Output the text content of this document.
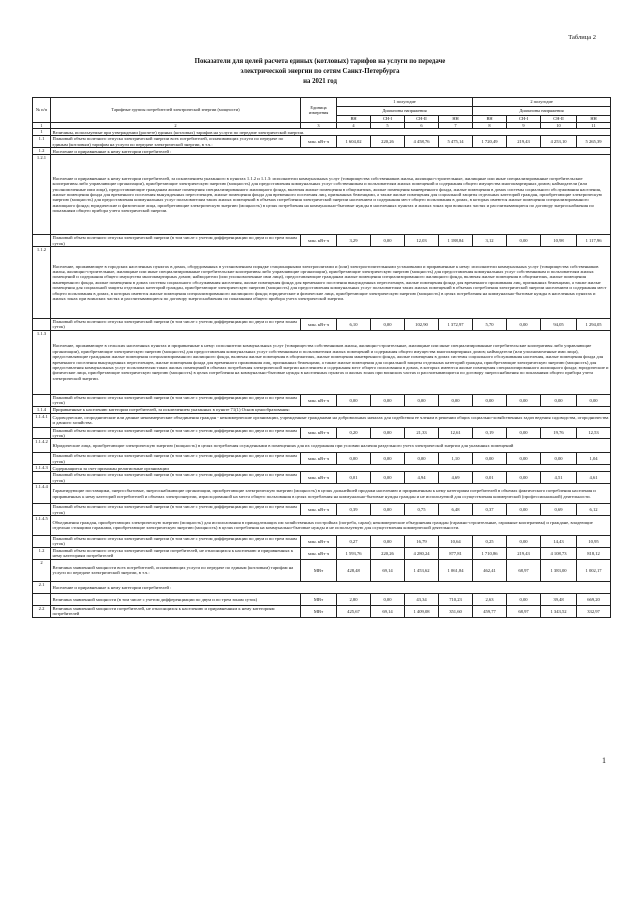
Таблица 2
Показатели для целей расчета единых (котловых) тарифов на услуги по передаче
электрической энергии по сетям Санкт-Петербурга
на 2021 год
№ п/п	Тарифные группы потребителей электрической энергии (мощности)	Единица измерения	1 полугодие				2 полугодие			
			Диапазоны напряжения				Диапазоны напряжения			
			ВН	СН-I	СН-II	НН	ВН	СН-I	СН-II	НН
1	2	3	4	5	6	7	8	9	10	11
1	Величины, используемые при утверждении (расчете) единых (котловых) тарифов на услуги по передаче электрической энергии.									
1.1	Плановый объем полезного отпуска электрической энергии всех потребителей, оплачивающих услуги по передаче по единым (котловым) тарифам на услуги по передаче электрической энергии, в т.ч.:	млн. кВт·ч	1 604,02	220,26	4 458,76	5 475,14	1 720,49	219,43	4 253,10	5 265,39
1.2	Население и приравненные к нему категории потребителей :									
1.2.1	Население и приравненные к нему категории потребителей, за исключением указанного в пунктах 1.1.2 и 1.1.3: исполнители коммунальных услуг (товарищества собственников жилья, жилищно-строительные, жилищные или иные специализированные потребительские кооперативы либо управляющие организации), приобретающие электрическую энергию (мощность) для предоставления коммунальных услуг собственникам и пользователям жилых помещений и содержания общего имущества многоквартирных домов; наймодатели (или уполномоченные ими лица), предоставляющие гражданам жилые помещения специализированного жилищного фонда, включая жилые помещения в общежитиях, жилые помещения маневренного фонда, жилые помещения в домах системы социального обслуживания населения, жилые помещения фонда для временного поселения вынужденных переселенцев, жилые помещения фонда для временного поселения лиц, признанных беженцами, а также жилые помещения для социальной защиты отдельных категорий граждан, приобретающие электрическую энергию (мощность) для предоставления коммунальных услуг пользователям таких жилых помещений в объемах потребления электрической энергии населением и содержания мест общего пользования в домах, в которых имеются жилые помещения специализированного жилищного фонда; юридические и физические лица, приобретающие электрическую энергию (мощность) в целях потребления на коммунально-бытовые нужды в населенных пунктах и жилых зонах при воинских частях и рассчитывающиеся по договору энергоснабжения по показаниям общего прибора учета электрической энергии.									
	Плановый объем полезного отпуска электрической энергии (в том числе с учетом дифференциации по двум и по трем зонам суток)	млн. кВт·ч	3,29	0,00	12,03	1 188,84	3,12	0,00	10,98	1 117,96
1.1.2	Население, проживающее в городских населенных пунктах в домах, оборудованных в установленном порядке стационарными электроплитами и (или) электроотопительными установками и приравненные к нему: исполнители коммунальных услуг (товарищества собственников жилья, жилищно-строительные, жилищные или иные специализированные потребительские кооперативы либо управляющие организации), приобретающие электрическую энергию (мощность) для предоставления коммунальных услуг собственникам и пользователям жилых помещений и содержания общего имущества многоквартирных домов; наймодатели (или уполномоченные ими лица), предоставляющие гражданам жилые помещения специализированного жилищного фонда, включая жилые помещения в общежитиях, жилые помещения маневренного фонда, жилые помещения в домах системы социального обслуживания населения, жилые помещения фонда для временного поселения вынужденных переселенцев, жилые помещения фонда для временного проживания лиц, признанных беженцами, а также жилые помещения для социальной защиты отдельных категорий граждан, приобретающие электрическую энергию (мощность) для предоставления коммунальных услуг пользователям таких жилых помещений в объемах потребления электрической энергии населением и содержания мест общего пользования в домах, в которых имеются жилые помещения специализированного жилищного фонда; юридические и физические лица, приобретающие электрическую энергию (мощность) в целях потребления на коммунально-бытовые нужды в населенных пунктах и жилых зонах при воинских частях и рассчитывающиеся по договору энергоснабжения по показаниям общего прибора учета электрической энергии.									
	Плановый объем полезного отпуска электрической энергии (в том числе с учетом дифференциации по двум и по трем зонам суток)	млн. кВт·ч	6,10	0,00	102,90	1 372,97	5,70	0,00	94,05	1 294,05
1.1.3	Население, проживающее в сельских населенных пунктах и приравненные к нему: исполнители коммунальных услуг (товарищества собственников жилья, жилищно-строительные, жилищные или иные специализированные потребительские кооперативы либо управляющие организации), приобретающие электрическую энергию (мощность) для предоставления коммунальных услуг собственникам и пользователям жилых помещений и содержания общего имущества многоквартирных домов; наймодатели (или уполномоченные ими лица), предоставляющие гражданам жилые помещения специализированного жилищного фонда, включая жилые помещения в общежитиях, жилые помещения маневренного фонда, жилые помещения в домах системы социального обслуживания населения, жилые помещения фонда для временного поселения вынужденных переселенцев, жилые помещения фонда для временного проживания лиц, признанных беженцами, а также жилые помещения для социальной защиты отдельных категорий граждан, приобретающие электрическую энергию (мощность) для предоставления коммунальных услуг пользователям таких жилых помещений в объемах потребления электрической энергии населением и содержания мест общего пользования в домах, в которых имеются жилые помещения специализированного жилищного фонда; юридические и физические лица, приобретающие электрическую энергию (мощность) в целях потребления на коммунально-бытовые нужды в населенных пунктах и жилых зонах при воинских частях и рассчитывающиеся по договору энергоснабжения по показаниям общего прибора учета электрической энергии.									
	Плановый объем полезного отпуска электрической энергии (в том числе с учетом дифференциации по двум и по трем зонам суток)	млн. кВт·ч	0,00	0,00	0,00	0,00	0,00	0,00	0,00	0,00
1.1.4	Приравненные к населению категории потребителей, за исключением указанных в пункте 71(1) Основ ценообразования:									
1.1.4.1	Садоводческие, огороднические или дачные некоммерческие объединения граждан - некоммерческие организации, учрежденные гражданами на добровольных началах для содействия ее членам в решении общих социально-хозяйственных задач ведения садоводства, огородничества и дачного хозяйства.									
	Плановый объем полезного отпуска электрической энергии (в том числе с учетом дифференциации по двум и по трем зонам суток)	млн. кВт·ч	0,20	0,00	21,33	12,61	0,19	0,00	19,76	12,53
1.1.4.2	Юридические лица, приобретающие электрическую энергию (мощность) в целях потребления осужденными в помещениях для их содержания при условии наличия раздельного учета электрической энергии для указанных помещений									
	Плановый объем полезного отпуска электрической энергии (в том числе с учетом дифференциации по двум и по трем зонам суток)	млн. кВт·ч	0,00	0,00	0,00	1,10	0,00	0,00	0,00	1,04
1.1.4.3	Содержащиеся за счет прихожан религиозные организации									
	Плановый объем полезного отпуска электрической энергии (в том числе с учетом дифференциации по двум и по трем зонам суток)	млн. кВт·ч	0,01	0,00	4,94	4,69	0,01	0,00	4,51	4,61
1.1.4.4	Гарантирующие поставщики, энергосбытовые, энергоснабжающие организации, приобретающие электрическую энергию (мощность) в целях дальнейшей продажи населению и приравненным к нему категориям потребителей в объемах фактического потребления населения и приравненных к нему категорий потребителей и объемах электроэнергии, израсходованной на места общего пользования в целях потребления на коммунально-бытовые нужды граждан и не используемой для осуществления коммерческой (профессиональной) деятельности.									
	Плановый объем полезного отпуска электрической энергии (в том числе с учетом дифференциации по двум и по трем зонам суток)	млн. кВт·ч	0,39	0,00	0,75	6,48	0,37	0,00	0,69	6,12
1.1.4.5	Объединения граждан, приобретающих электрическую энергию (мощность) для использования в принадлежащих им хозяйственных постройках (погреба, сараи); некоммерческие объединения граждан (гаражно-строительные, гаражные кооперативы) и граждане, владеющие отдельно стоящими гаражами, приобретающие электрическую энергию (мощность) в целях потребления на коммунально-бытовые нужды и не используемую для осуществления коммерческой деятельности.									
	Плановый объем полезного отпуска электрической энергии (в том числе с учетом дифференциации по двум и по трем зонам суток)	млн. кВт·ч	0,27	0,00	16,79	10,64	0,25	0,00	14,43	10,95
1.2	Плановый объем полезного отпуска электрической энергии потребителей, не относящихся к населению и приравненных к нему категориям потребителей	млн. кВт·ч	1 593,76	220,26	4 280,24	877,81	1 710,86	219,43	4 108,73	818,12
2	Величина заявленной мощности всех потребителей, оплачивающих услуги по передаче по единым (котловым) тарифам на услуги по передаче электрической энергии, в т.ч.:	МВт	428,48	69,14	1 453,62	1 061,84	462,41	68,97	1 383,00	1 002,17
2.1	Население и приравненные к нему категории потребителей :									
	Величина заявленной мощности (в том числе с учетом дифференциации по двум и по трем зонам суток)	МВт	2,80	0,00	43,34	710,23	2,63	0,00	39,48	669,20
2.2	Величина заявленной мощности потребителей, не относящихся к населению и приравненным к нему категориям потребителей	МВт	425,67	69,14	1 409,08	351,60	459,77	68,97	1 343,52	332,97
1
